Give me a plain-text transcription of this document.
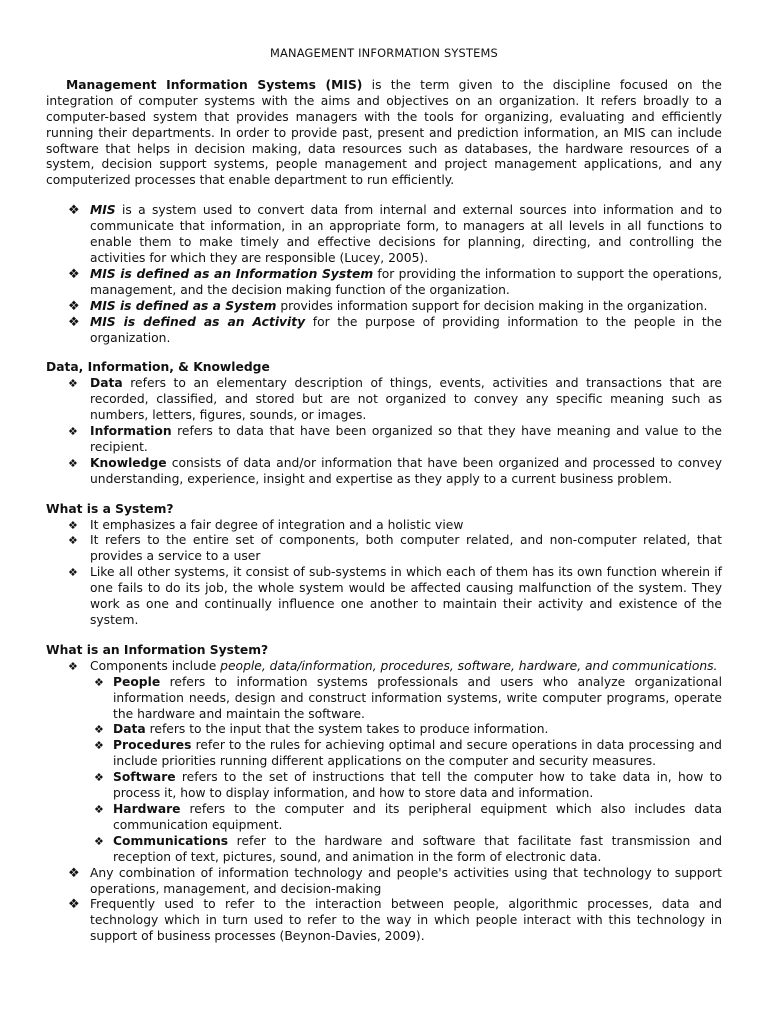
MANAGEMENT INFORMATION SYSTEMS

Management Information Systems (MIS) is the term given to the discipline focused on the integration of computer systems with the aims and objectives on an organization. It refers broadly to a computer-based system that provides managers with the tools for organizing, evaluating and efficiently running their departments. In order to provide past, present and prediction information, an MIS can include software that helps in decision making, data resources such as databases, the hardware resources of a system, decision support systems, people management and project management applications, and any computerized processes that enable department to run efficiently.

❖ MIS is a system used to convert data from internal and external sources into information and to communicate that information, in an appropriate form, to managers at all levels in all functions to enable them to make timely and effective decisions for planning, directing, and controlling the activities for which they are responsible (Lucey, 2005).
❖ MIS is defined as an Information System for providing the information to support the operations, management, and the decision making function of the organization.
❖ MIS is defined as a System provides information support for decision making in the organization.
❖ MIS is defined as an Activity for the purpose of providing information to the people in the organization.
Data, Information, & Knowledge
❖ Data refers to an elementary description of things, events, activities and transactions that are recorded, classified, and stored but are not organized to convey any specific meaning such as numbers, letters, figures, sounds, or images.
❖ Information refers to data that have been organized so that they have meaning and value to the recipient.
❖ Knowledge consists of data and/or information that have been organized and processed to convey understanding, experience, insight and expertise as they apply to a current business problem.
What is a System?
❖ It emphasizes a fair degree of integration and a holistic view
❖ It refers to the entire set of components, both computer related, and non-computer related, that provides a service to a user
❖ Like all other systems, it consist of sub-systems in which each of them has its own function wherein if one fails to do its job, the whole system would be affected causing malfunction of the system. They work as one and continually influence one another to maintain their activity and existence of the system.
What is an Information System?
❖ Components include people, data/information, procedures, software, hardware, and communications.
❖ People refers to information systems professionals and users who analyze organizational information needs, design and construct information systems, write computer programs, operate the hardware and maintain the software.
❖ Data refers to the input that the system takes to produce information.
❖ Procedures refer to the rules for achieving optimal and secure operations in data processing and include priorities running different applications on the computer and security measures.
❖ Software refers to the set of instructions that tell the computer how to take data in, how to process it, how to display information, and how to store data and information.
❖ Hardware refers to the computer and its peripheral equipment which also includes data communication equipment.
❖ Communications refer to the hardware and software that facilitate fast transmission and reception of text, pictures, sound, and animation in the form of electronic data.
❖ Any combination of information technology and people's activities using that technology to support operations, management, and decision-making
❖ Frequently used to refer to the interaction between people, algorithmic processes, data and technology which in turn used to refer to the way in which people interact with this technology in support of business processes (Beynon-Davies, 2009).
